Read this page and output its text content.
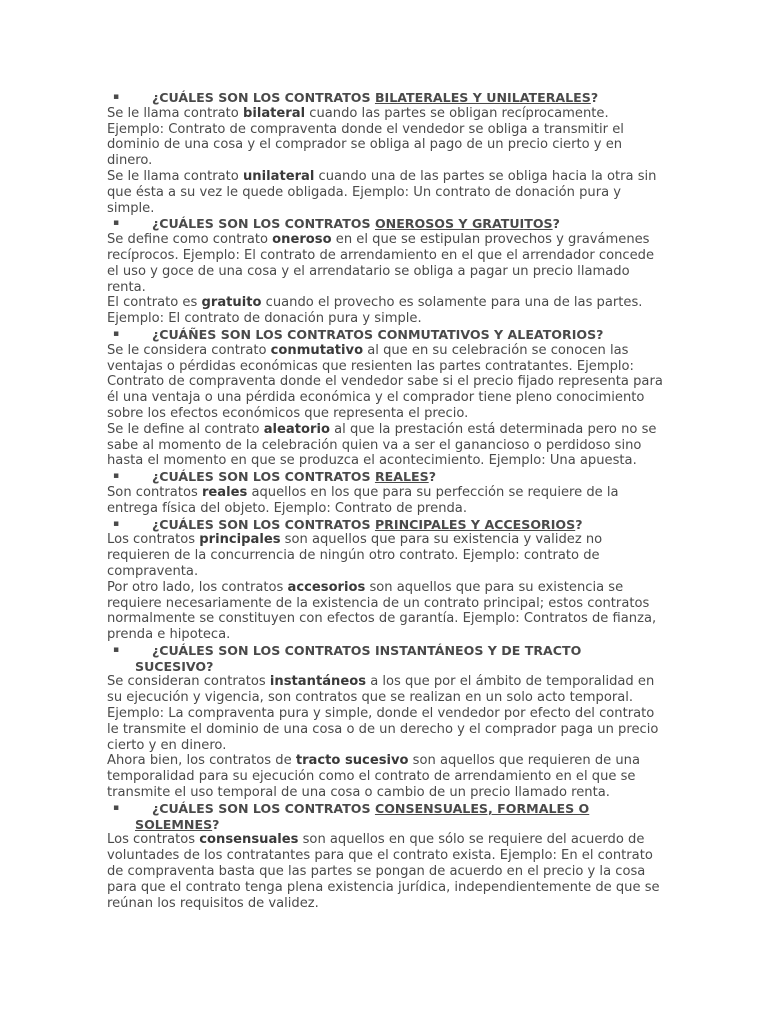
▪	¿CUÁLES SON LOS CONTRATOS BILATERALES Y UNILATERALES?

Se le llama contrato bilateral cuando las partes se obligan recíprocamente. Ejemplo: Contrato de compraventa donde el vendedor se obliga a transmitir el dominio de una cosa y el comprador se obliga al pago de un precio cierto y en dinero.

Se le llama contrato unilateral cuando una de las partes se obliga hacia la otra sin que ésta a su vez le quede obligada. Ejemplo: Un contrato de donación pura y simple.

▪	¿CUÁLES SON LOS CONTRATOS ONEROSOS Y GRATUITOS?

Se define como contrato oneroso en el que se estipulan provechos y gravámenes recíprocos. Ejemplo: El contrato de arrendamiento en el que el arrendador concede el uso y goce de una cosa y el arrendatario se obliga a pagar un precio llamado renta.

El contrato es gratuito cuando el provecho es solamente para una de las partes. Ejemplo: El contrato de donación pura y simple.

▪	¿CUÁÑES SON LOS CONTRATOS CONMUTATIVOS Y ALEATORIOS?

Se le considera contrato conmutativo al que en su celebración se conocen las ventajas o pérdidas económicas que resienten las partes contratantes. Ejemplo: Contrato de compraventa donde el vendedor sabe si el precio fijado representa para él una ventaja o una pérdida económica y el comprador tiene pleno conocimiento sobre los efectos económicos que representa el precio.

Se le define al contrato aleatorio al que la prestación está determinada pero no se sabe al momento de la celebración quien va a ser el ganancioso o perdidoso sino hasta el momento en que se produzca el acontecimiento. Ejemplo: Una apuesta.

▪	¿CUÁLES SON LOS CONTRATOS REALES?

Son contratos reales aquellos en los que para su perfección se requiere de la entrega física del objeto. Ejemplo: Contrato de prenda.

▪	¿CUÁLES SON LOS CONTRATOS PRINCIPALES Y ACCESORIOS?

Los contratos principales son aquellos que para su existencia y validez no requieren de la concurrencia de ningún otro contrato. Ejemplo: contrato de compraventa.

Por otro lado, los contratos accesorios son aquellos que para su existencia se requiere necesariamente de la existencia de un contrato principal; estos contratos normalmente se constituyen con efectos de garantía. Ejemplo: Contratos de fianza, prenda e hipoteca.

▪	¿CUÁLES SON LOS CONTRATOS INSTANTÁNEOS Y DE TRACTO
SUCESIVO?

Se consideran contratos instantáneos a los que por el ámbito de temporalidad en su ejecución y vigencia, son contratos que se realizan en un solo acto temporal. Ejemplo: La compraventa pura y simple, donde el vendedor por efecto del contrato le transmite el dominio de una cosa o de un derecho y el comprador paga un precio cierto y en dinero.

Ahora bien, los contratos de tracto sucesivo son aquellos que requieren de una temporalidad para su ejecución como el contrato de arrendamiento en el que se transmite el uso temporal de una cosa o cambio de un precio llamado renta.

▪	¿CUÁLES SON LOS CONTRATOS CONSENSUALES, FORMALES O
SOLEMNES?

Los contratos consensuales son aquellos en que sólo se requiere del acuerdo de voluntades de los contratantes para que el contrato exista. Ejemplo: En el contrato de compraventa basta que las partes se pongan de acuerdo en el precio y la cosa para que el contrato tenga plena existencia jurídica, independientemente de que se reúnan los requisitos de validez.
